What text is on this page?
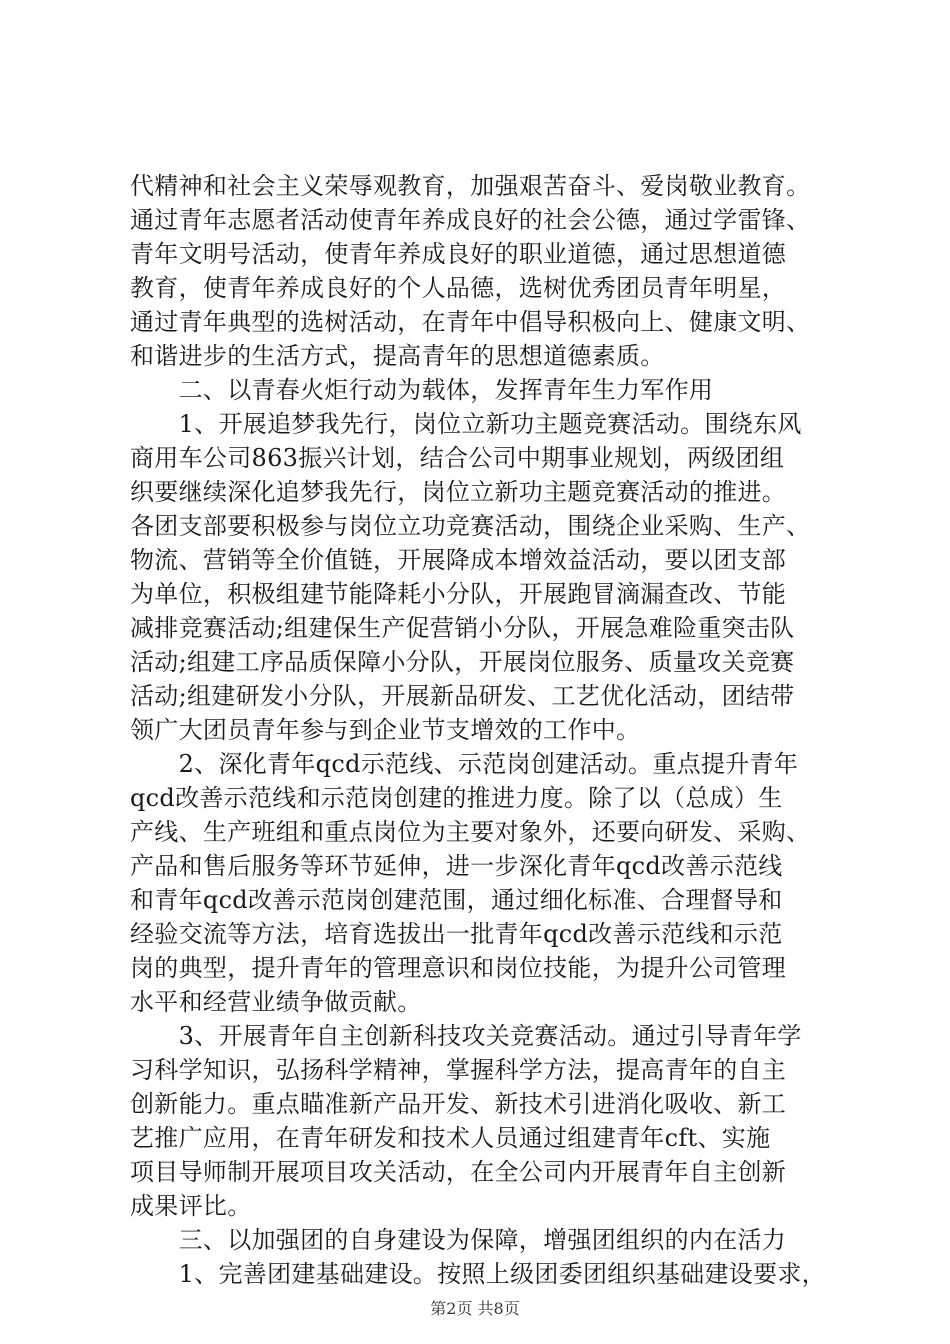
代精神和社会主义荣辱观教育，加强艰苦奋斗、爱岗敬业教育。
通过青年志愿者活动使青年养成良好的社会公德，通过学雷锋、
青年文明号活动，使青年养成良好的职业道德，通过思想道德
教育，使青年养成良好的个人品德，选树优秀团员青年明星，
通过青年典型的选树活动，在青年中倡导积极向上、健康文明、
和谐进步的生活方式，提高青年的思想道德素质。
　　二、以青春火炬行动为载体，发挥青年生力军作用
　　1、开展追梦我先行，岗位立新功主题竞赛活动。围绕东风
商用车公司863振兴计划，结合公司中期事业规划，两级团组
织要继续深化追梦我先行，岗位立新功主题竞赛活动的推进。
各团支部要积极参与岗位立功竞赛活动，围绕企业采购、生产、
物流、营销等全价值链，开展降成本增效益活动，要以团支部
为单位，积极组建节能降耗小分队，开展跑冒滴漏查改、节能
减排竞赛活动;组建保生产促营销小分队，开展急难险重突击队
活动;组建工序品质保障小分队，开展岗位服务、质量攻关竞赛
活动;组建研发小分队，开展新品研发、工艺优化活动，团结带
领广大团员青年参与到企业节支增效的工作中。
　　2、深化青年qcd示范线、示范岗创建活动。重点提升青年
qcd改善示范线和示范岗创建的推进力度。除了以（总成）生
产线、生产班组和重点岗位为主要对象外，还要向研发、采购、
产品和售后服务等环节延伸，进一步深化青年qcd改善示范线
和青年qcd改善示范岗创建范围，通过细化标准、合理督导和
经验交流等方法，培育选拔出一批青年qcd改善示范线和示范
岗的典型，提升青年的管理意识和岗位技能，为提升公司管理
水平和经营业绩争做贡献。
　　3、开展青年自主创新科技攻关竞赛活动。通过引导青年学
习科学知识，弘扬科学精神，掌握科学方法，提高青年的自主
创新能力。重点瞄准新产品开发、新技术引进消化吸收、新工
艺推广应用，在青年研发和技术人员通过组建青年cft、实施
项目导师制开展项目攻关活动，在全公司内开展青年自主创新
成果评比。
　　三、以加强团的自身建设为保障，增强团组织的内在活力
　　1、完善团建基础建设。按照上级团委团组织基础建设要求，
第2页 共8页
